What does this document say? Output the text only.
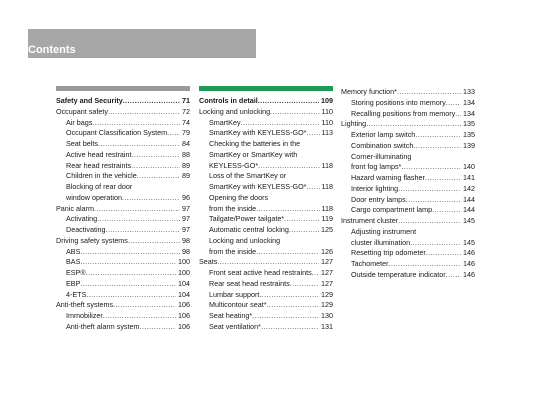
Contents
Safety and Security .....	71
Occupant safety .....	72
Air bags .....	74
Occupant Classification System ..... 79
Seat belts .....	84
Active head restraint .....	88
Rear head restraints .....	89
Children in the vehicle .....	89
Blocking of rear door
window operation .....	96
Panic alarm .....	97
Activating .....	97
Deactivating .....	97
Driving safety systems .....	98
ABS .....	98
BAS .....	100
ESP® .....	100
EBP .....	104
4-ETS .....	104
Anti-theft systems .....	106
Immobilizer .....	106
Anti-theft alarm system .....	106
Controls in detail .....	109
Locking and unlocking .....	110
SmartKey .....	110
SmartKey with KEYLESS-GO* ..... 113
Checking the batteries in the
SmartKey or SmartKey with
KEYLESS-GO* .....	118
Loss of the SmartKey or
SmartKey with KEYLESS-GO* ..... 118
Opening the doors
from the inside .....	118
Tailgate/Power tailgate* .....	119
Automatic central locking .....	125
Locking and unlocking
from the inside .....	126
Seats .....	127
Front seat active head restraints ..... 127
Rear seat head restraints .....	127
Lumbar support .....	129
Multicontour seat* .....	129
Seat heating* .....	130
Seat ventilation* .....	131
Memory function* .....	133
Storing positions into memory ..... 134
Recalling positions from memory ..... 134
Lighting .....	135
Exterior lamp switch .....	135
Combination switch .....	139
Corner-illuminating
front fog lamps* .....	140
Hazard warning flasher .....	141
Interior lighting .....	142
Door entry lamps .....	144
Cargo compartment lamp .....	144
Instrument cluster .....	145
Adjusting instrument
cluster illumination .....	145
Resetting trip odometer .....	146
Tachometer .....	146
Outside temperature indicator ..... 146
